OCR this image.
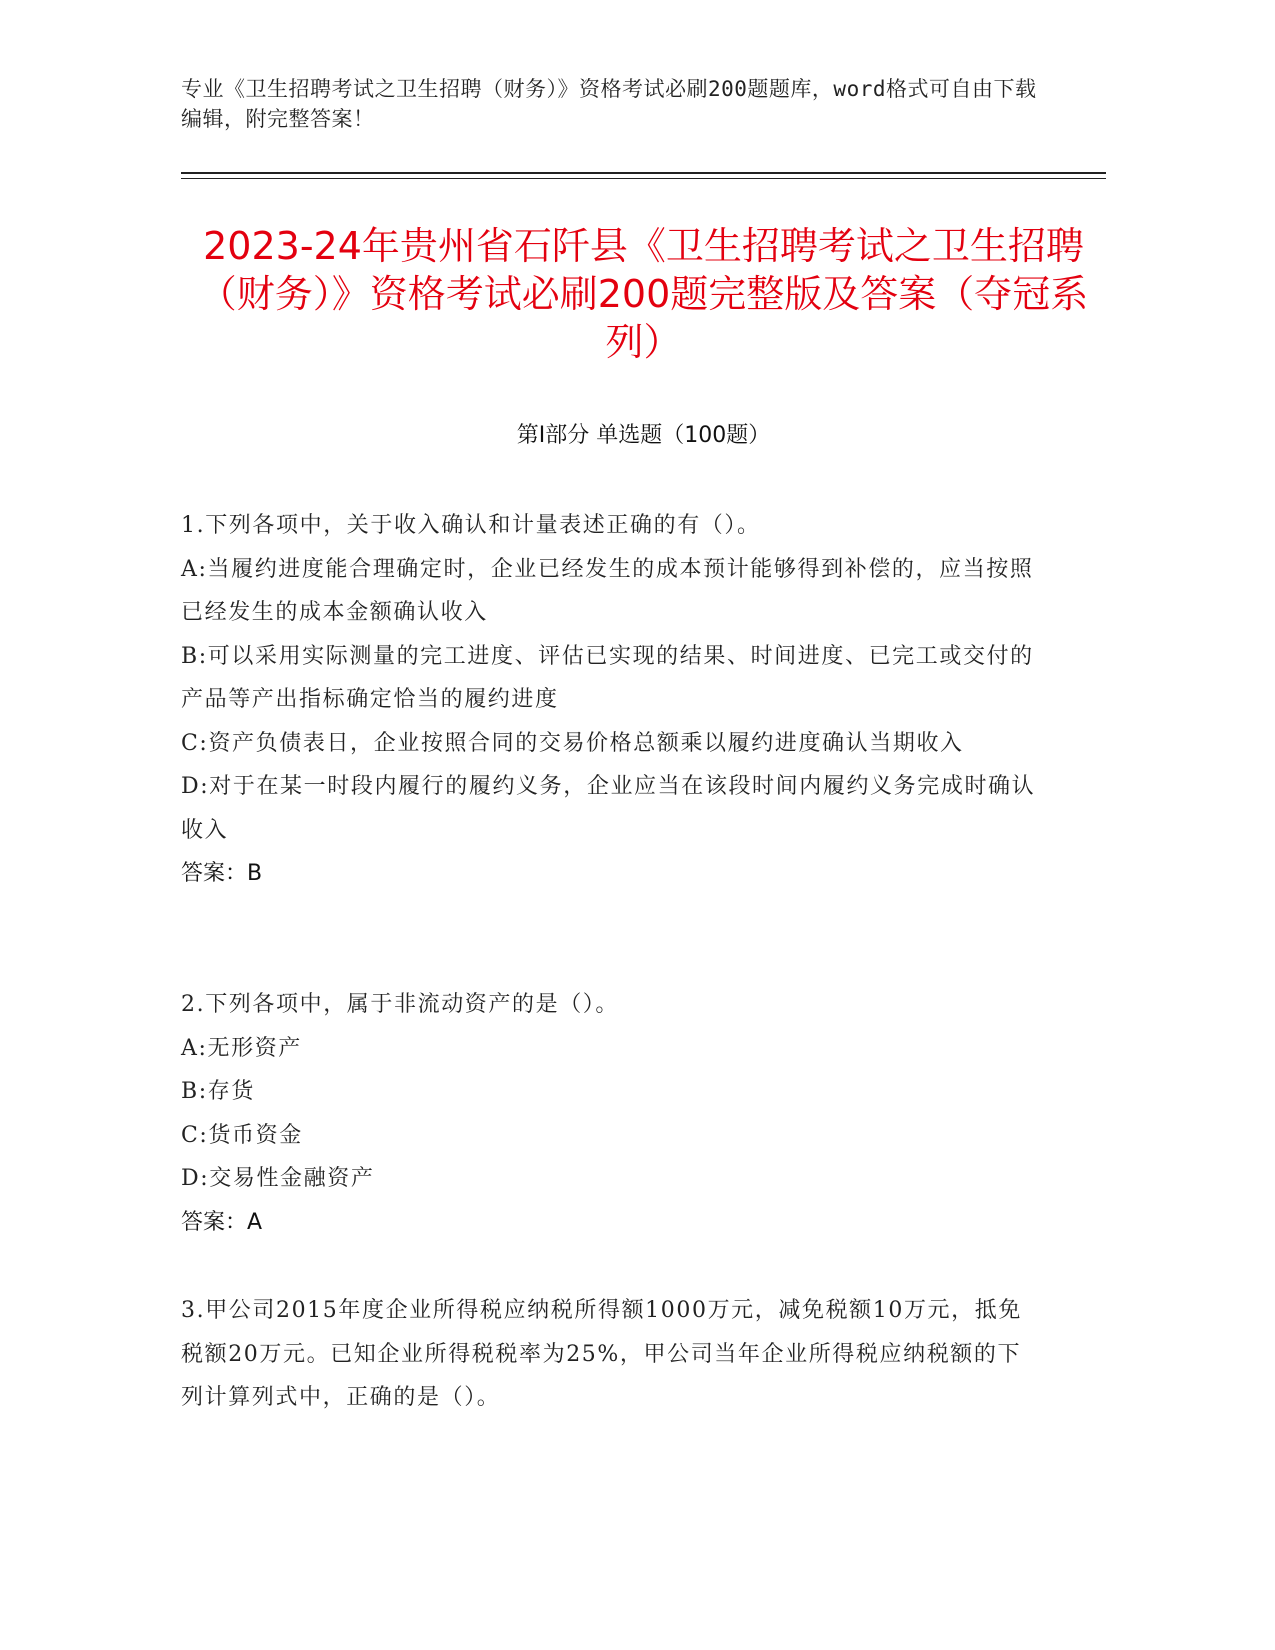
专业《卫生招聘考试之卫生招聘（财务）》资格考试必刷200题题库，word格式可自由下载编辑，附完整答案！
2023-24年贵州省石阡县《卫生招聘考试之卫生招聘（财务）》资格考试必刷200题完整版及答案（夺冠系列）
第I部分 单选题（100题）

1.下列各项中，关于收入确认和计量表述正确的有（）。

A:当履约进度能合理确定时，企业已经发生的成本预计能够得到补偿的，应当按照已经发生的成本金额确认收入

B:可以采用实际测量的完工进度、评估已实现的结果、时间进度、已完工或交付的产品等产出指标确定恰当的履约进度

C:资产负债表日，企业按照合同的交易价格总额乘以履约进度确认当期收入

D:对于在某一时段内履行的履约义务，企业应当在该段时间内履约义务完成时确认收入

答案：B

2.下列各项中，属于非流动资产的是（）。

A:无形资产

B:存货

C:货币资金

D:交易性金融资产

答案：A

3.甲公司2015年度企业所得税应纳税所得额1000万元，减免税额10万元，抵免税额20万元。已知企业所得税税率为25%，甲公司当年企业所得税应纳税额的下列计算列式中，正确的是（）。
